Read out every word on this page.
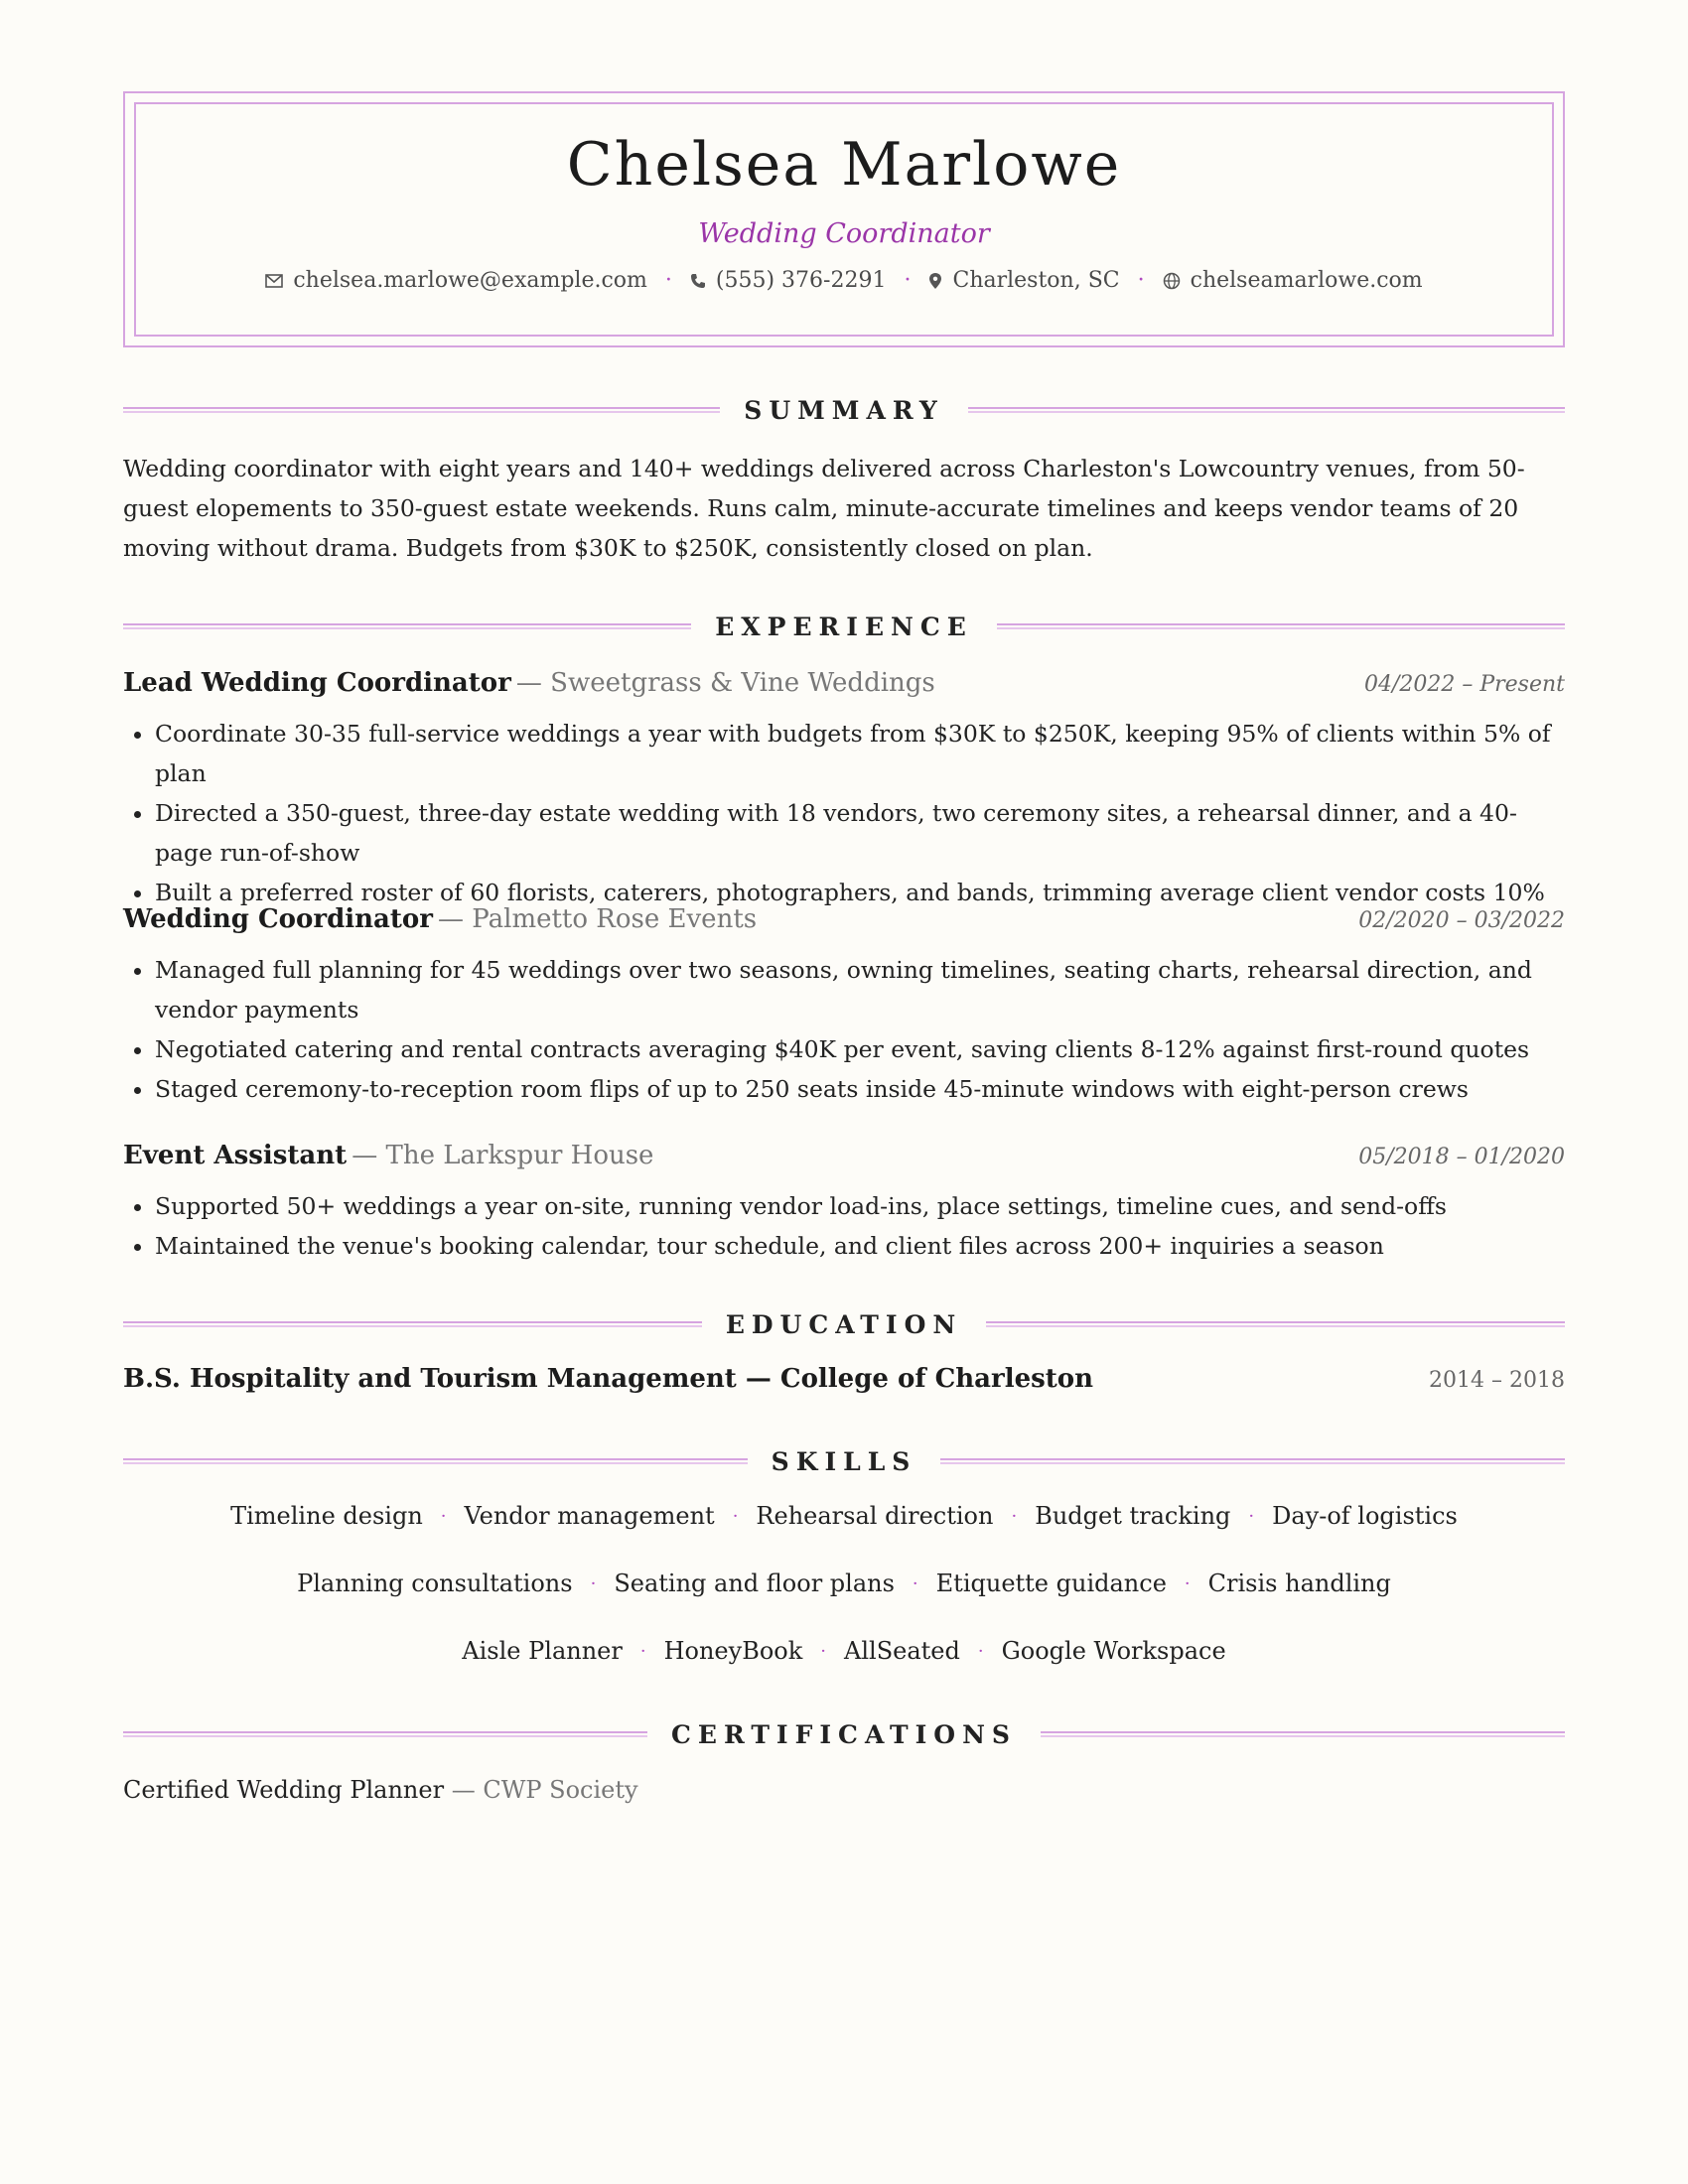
Chelsea Marlowe
Wedding Coordinator
chelsea.marlowe@example.com · (555) 376-2291 · Charleston, SC · chelseamarlowe.com
SUMMARY
Wedding coordinator with eight years and 140+ weddings delivered across Charleston's Lowcountry venues, from 50-guest elopements to 350-guest estate weekends. Runs calm, minute-accurate timelines and keeps vendor teams of 20 moving without drama. Budgets from $30K to $250K, consistently closed on plan.
EXPERIENCE
Lead Wedding Coordinator — Sweetgrass & Vine Weddings	04/2022 – Present
• Coordinate 30-35 full-service weddings a year with budgets from $30K to $250K, keeping 95% of clients within 5% of plan
• Directed a 350-guest, three-day estate wedding with 18 vendors, two ceremony sites, a rehearsal dinner, and a 40-page run-of-show
• Built a preferred roster of 60 florists, caterers, photographers, and bands, trimming average client vendor costs 10%
Wedding Coordinator — Palmetto Rose Events	02/2020 – 03/2022
• Managed full planning for 45 weddings over two seasons, owning timelines, seating charts, rehearsal direction, and vendor payments
• Negotiated catering and rental contracts averaging $40K per event, saving clients 8-12% against first-round quotes
• Staged ceremony-to-reception room flips of up to 250 seats inside 45-minute windows with eight-person crews
Event Assistant — The Larkspur House	05/2018 – 01/2020
• Supported 50+ weddings a year on-site, running vendor load-ins, place settings, timeline cues, and send-offs
• Maintained the venue's booking calendar, tour schedule, and client files across 200+ inquiries a season
EDUCATION
B.S. Hospitality and Tourism Management — College of Charleston	2014 – 2018
SKILLS
Timeline design · Vendor management · Rehearsal direction · Budget tracking · Day-of logistics
Planning consultations · Seating and floor plans · Etiquette guidance · Crisis handling
Aisle Planner · HoneyBook · AllSeated · Google Workspace
CERTIFICATIONS
Certified Wedding Planner — CWP Society
